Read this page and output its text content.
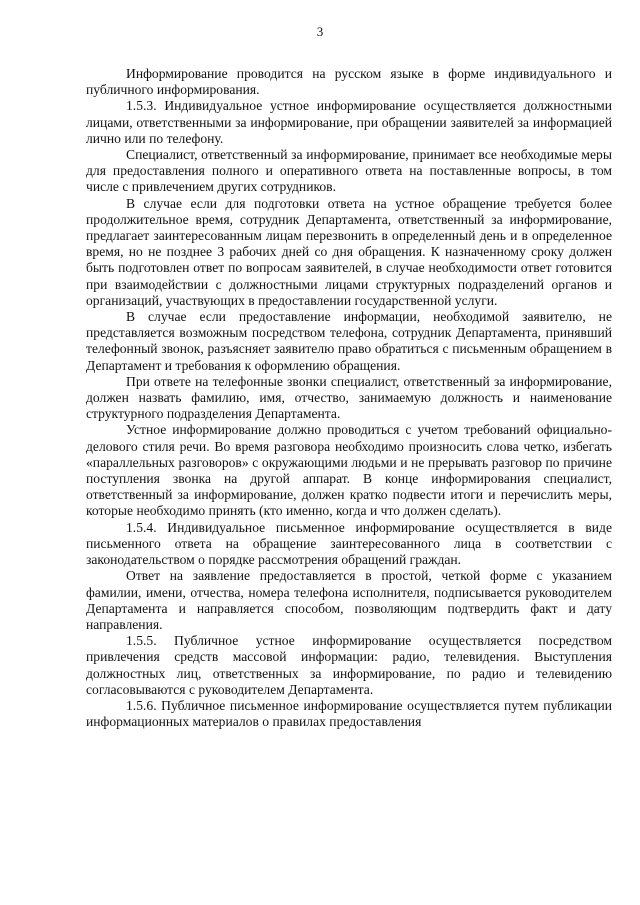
3

Информирование проводится на русском языке в форме индивидуального и публичного информирования.

1.5.3. Индивидуальное устное информирование осуществляется должностными лицами, ответственными за информирование, при обращении заявителей за информацией лично или по телефону.

Специалист, ответственный за информирование, принимает все необходимые меры для предоставления полного и оперативного ответа на поставленные вопросы, в том числе с привлечением других сотрудников.

В случае если для подготовки ответа на устное обращение требуется более продолжительное время, сотрудник Департамента, ответственный за информирование, предлагает заинтересованным лицам перезвонить в определенный день и в определенное время, но не позднее 3 рабочих дней со дня обращения. К назначенному сроку должен быть подготовлен ответ по вопросам заявителей, в случае необходимости ответ готовится при взаимодействии с должностными лицами структурных подразделений органов и организаций, участвующих в предоставлении государственной услуги.

В случае если предоставление информации, необходимой заявителю, не представляется возможным посредством телефона, сотрудник Департамента, принявший телефонный звонок, разъясняет заявителю право обратиться с письменным обращением в Департамент и требования к оформлению обращения.

При ответе на телефонные звонки специалист, ответственный за информирование, должен назвать фамилию, имя, отчество, занимаемую должность и наименование структурного подразделения Департамента.

Устное информирование должно проводиться с учетом требований официально-делового стиля речи. Во время разговора необходимо произносить слова четко, избегать «параллельных разговоров» с окружающими людьми и не прерывать разговор по причине поступления звонка на другой аппарат. В конце информирования специалист, ответственный за информирование, должен кратко подвести итоги и перечислить меры, которые необходимо принять (кто именно, когда и что должен сделать).

1.5.4. Индивидуальное письменное информирование осуществляется в виде письменного ответа на обращение заинтересованного лица в соответствии с законодательством о порядке рассмотрения обращений граждан.

Ответ на заявление предоставляется в простой, четкой форме с указанием фамилии, имени, отчества, номера телефона исполнителя, подписывается руководителем Департамента и направляется способом, позволяющим подтвердить факт и дату направления.

1.5.5. Публичное устное информирование осуществляется посредством привлечения средств массовой информации: радио, телевидения. Выступления должностных лиц, ответственных за информирование, по радио и телевидению согласовываются с руководителем Департамента.

1.5.6. Публичное письменное информирование осуществляется путем публикации информационных материалов о правилах предоставления
